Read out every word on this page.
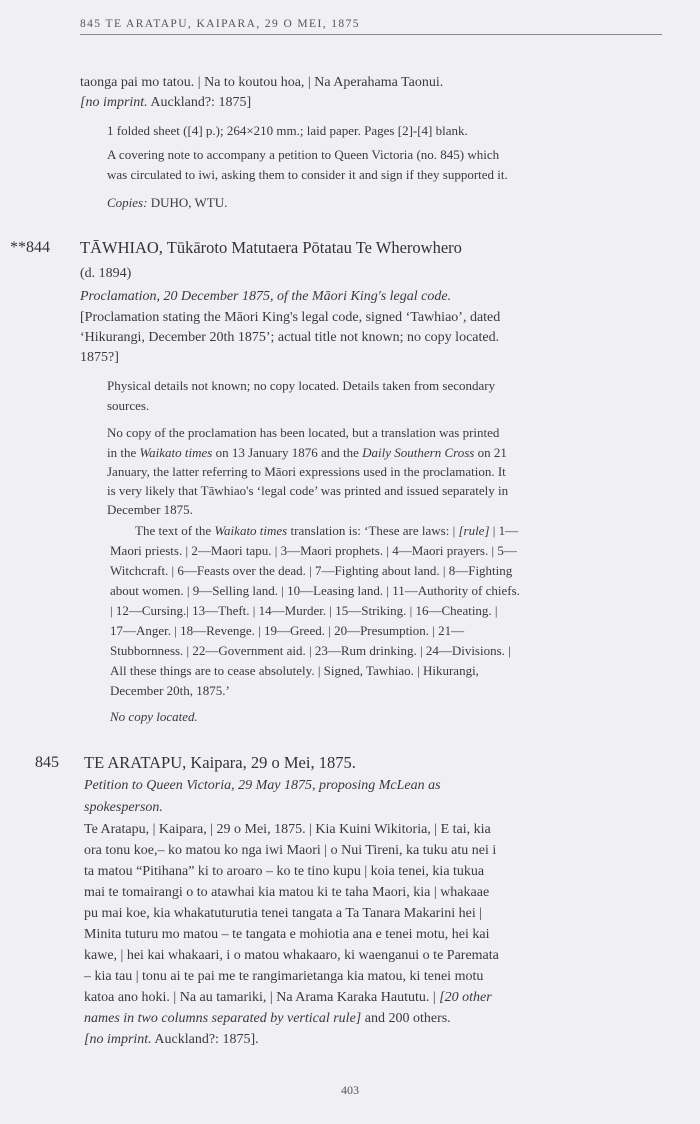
845 TE ARATAPU, KAIPARA, 29 O MEI, 1875
taonga pai mo tatou. | Na to koutou hoa, | Na Aperahama Taonui.
[no imprint. Auckland?: 1875]
1 folded sheet ([4] p.); 264×210 mm.; laid paper. Pages [2]-[4] blank.
A covering note to accompany a petition to Queen Victoria (no. 845) which
was circulated to iwi, asking them to consider it and sign if they supported it.
Copies: DUHO, WTU.
**844 TĀWHIAO, Tūkāroto Matutaera Pōtatau Te Wherowhero
(d. 1894)
Proclamation, 20 December 1875, of the Māori King's legal code.
[Proclamation stating the Māori King's legal code, signed ‘Tawhiao’, dated
‘Hikurangi, December 20th 1875’; actual title not known; no copy located.
1875?]
Physical details not known; no copy located. Details taken from secondary
sources.
No copy of the proclamation has been located, but a translation was printed
in the Waikato times on 13 January 1876 and the Daily Southern Cross on 21
January, the latter referring to Māori expressions used in the proclamation. It
is very likely that Tāwhiao's ‘legal code’ was printed and issued separately in
December 1875.
The text of the Waikato times translation is: ‘These are laws: | [rule] | 1—
Maori priests. | 2—Maori tapu. | 3—Maori prophets. | 4—Maori prayers. | 5—
Witchcraft. | 6—Feasts over the dead. | 7—Fighting about land. | 8—Fighting
about women. | 9—Selling land. | 10—Leasing land. | 11—Authority of chiefs.
| 12—Cursing.| 13—Theft. | 14—Murder. | 15—Striking. | 16—Cheating. |
17—Anger. | 18—Revenge. | 19—Greed. | 20—Presumption. | 21—
Stubbornness. | 22—Government aid. | 23—Rum drinking. | 24—Divisions. |
All these things are to cease absolutely. | Signed, Tawhiao. | Hikurangi,
December 20th, 1875.’
No copy located.
845 TE ARATAPU, Kaipara, 29 o Mei, 1875.
Petition to Queen Victoria, 29 May 1875, proposing McLean as
spokesperson.
Te Aratapu, | Kaipara, | 29 o Mei, 1875. | Kia Kuini Wikitoria, | E tai, kia
ora tonu koe,– ko matou ko nga iwi Maori | o Nui Tireni, ka tuku atu nei i
ta matou “Pitihana” ki to aroaro – ko te tino kupu | koia tenei, kia tukua
mai te tomairangi o to atawhai kia matou ki te taha Maori, kia | whakaae
pu mai koe, kia whakatuturutia tenei tangata a Ta Tanara Makarini hei |
Minita tuturu mo matou – te tangata e mohiotia ana e tenei motu, hei kai
kawe, | hei kai whakaari, i o matou whakaaro, ki waenganui o te Paremata
– kia tau | tonu ai te pai me te rangimarietanga kia matou, ki tenei motu
katoa ano hoki. | Na au tamariki, | Na Arama Karaka Haututu. | [20 other
names in two columns separated by vertical rule] and 200 others.
[no imprint. Auckland?: 1875].
403
